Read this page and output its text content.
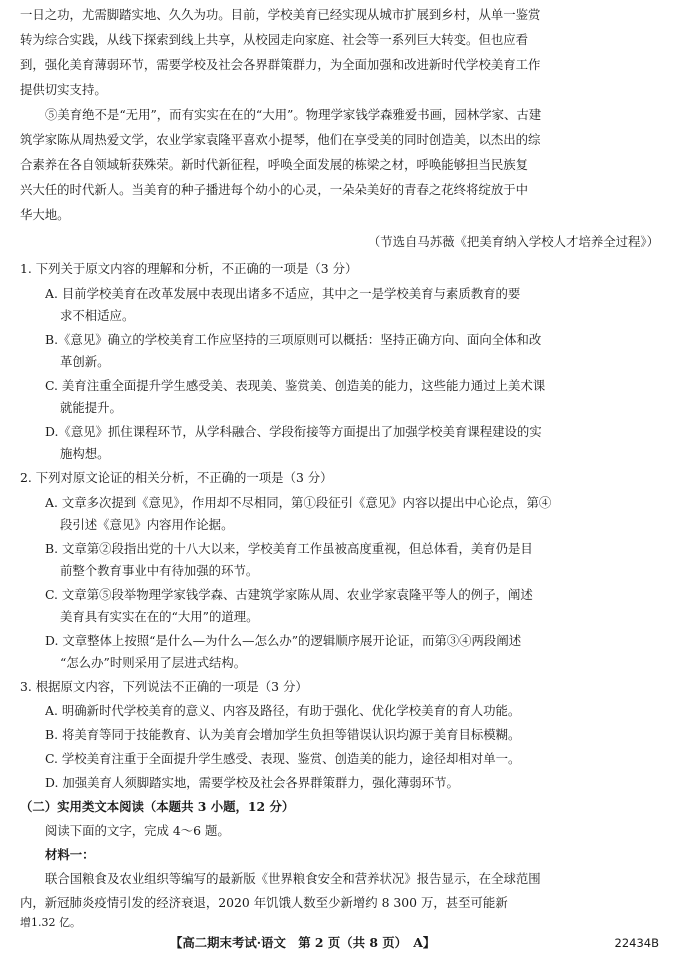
一日之功，尤需脚踏实地、久久为功。目前，学校美育已经实现从城市扩展到乡村，从单一鉴赏
转为综合实践，从线下探索到线上共享，从校园走向家庭、社会等一系列巨大转变。但也应看
到，强化美育薄弱环节，需要学校及社会各界群策群力，为全面加强和改进新时代学校美育工作
提供切实支持。
⑤美育绝不是“无用”，而有实实在在的“大用”。物理学家钱学森雅爱书画，园林学家、古建
筑学家陈从周热爱文学，农业学家袁隆平喜欢小提琴，他们在享受美的同时创造美，以杰出的综
合素养在各自领域斩获殊荣。新时代新征程，呼唤全面发展的栋梁之材，呼唤能够担当民族复
兴大任的时代新人。当美育的种子播进每个幼小的心灵，一朵朵美好的青春之花终将绽放于中
华大地。
（节选自马苏薇《把美育纳入学校人才培养全过程》）
1. 下列关于原文内容的理解和分析，不正确的一项是（3 分）
A. 目前学校美育在改革发展中表现出诸多不适应，其中之一是学校美育与素质教育的要
求不相适应。
B.《意见》确立的学校美育工作应坚持的三项原则可以概括：坚持正确方向、面向全体和改
革创新。
C. 美育注重全面提升学生感受美、表现美、鉴赏美、创造美的能力，这些能力通过上美术课
就能提升。
D.《意见》抓住课程环节，从学科融合、学段衔接等方面提出了加强学校美育课程建设的实
施构想。
2. 下列对原文论证的相关分析，不正确的一项是（3 分）
A. 文章多次提到《意见》，作用却不尽相同，第①段征引《意见》内容以提出中心论点，第④
段引述《意见》内容用作论据。
B. 文章第②段指出党的十八大以来，学校美育工作虽被高度重视，但总体看，美育仍是目
前整个教育事业中有待加强的环节。
C. 文章第⑤段举物理学家钱学森、古建筑学家陈从周、农业学家袁隆平等人的例子，阐述
美育具有实实在在的“大用”的道理。
D. 文章整体上按照“是什么—为什么—怎么办”的逻辑顺序展开论证，而第③④两段阐述
“怎么办”时则采用了层进式结构。
3. 根据原文内容，下列说法不正确的一项是（3 分）
A. 明确新时代学校美育的意义、内容及路径，有助于强化、优化学校美育的育人功能。
B. 将美育等同于技能教育、认为美育会增加学生负担等错误认识均源于美育目标模糊。
C. 学校美育注重于全面提升学生感受、表现、鉴赏、创造美的能力，途径却相对单一。
D. 加强美育人须脚踏实地，需要学校及社会各界群策群力，强化薄弱环节。
（二）实用类文本阅读（本题共 3 小题，12 分）
阅读下面的文字，完成 4～6 题。
材料一：
联合国粮食及农业组织等编写的最新版《世界粮食安全和营养状况》报告显示，在全球范围
内，新冠肺炎疫情引发的经济衰退，2020 年饥饿人数至少新增约 8 300 万，甚至可能新
增1.32 亿。
【高二期末考试·语文　第 2 页（共 8 页）　A】	22434B
